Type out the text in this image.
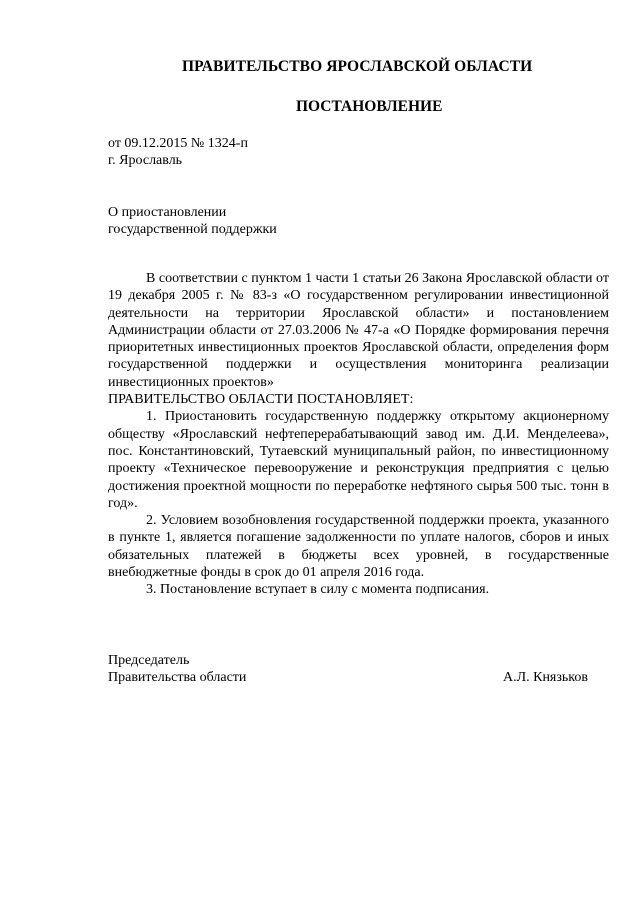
ПРАВИТЕЛЬСТВО ЯРОСЛАВСКОЙ ОБЛАСТИ
ПОСТАНОВЛЕНИЕ
от 09.12.2015 № 1324-п
г. Ярославль
О приостановлении
государственной поддержки

В соответствии с пунктом 1 части 1 статьи 26 Закона Ярославской области от 19 декабря 2005 г. № 83-з «О государственном регулировании инвестиционной деятельности на территории Ярославской области» и постановлением Администрации области от 27.03.2006 № 47-а «О Порядке формирования перечня приоритетных инвестиционных проектов Ярославской области, определения форм государственной поддержки и осуществления мониторинга реализации инвестиционных проектов»

ПРАВИТЕЛЬСТВО ОБЛАСТИ ПОСТАНОВЛЯЕТ:

1. Приостановить государственную поддержку открытому акционерному обществу «Ярославский нефтеперерабатывающий завод им. Д.И. Менделеева», пос. Константиновский, Тутаевский муниципальный район, по инвестиционному проекту «Техническое перевооружение и реконструкция предприятия с целью достижения проектной мощности по переработке нефтяного сырья 500 тыс. тонн в год».

2. Условием возобновления государственной поддержки проекта, указанного в пункте 1, является погашение задолженности по уплате налогов, сборов и иных обязательных платежей в бюджеты всех уровней, в государственные внебюджетные фонды в срок до 01 апреля 2016 года.

3. Постановление вступает в силу с момента подписания.

Председатель
Правительства области	А.Л. Князьков
